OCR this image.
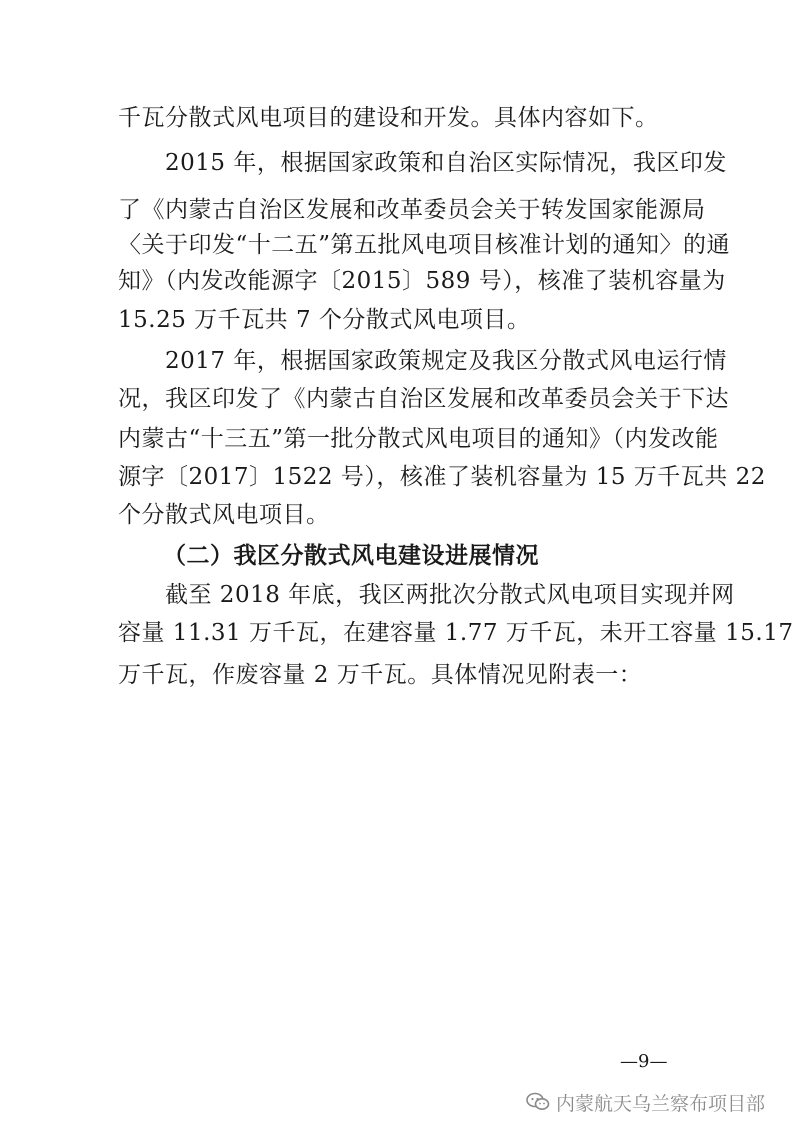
千瓦分散式风电项目的建设和开发。具体内容如下。
2015 年，根据国家政策和自治区实际情况，我区印发
了《内蒙古自治区发展和改革委员会关于转发国家能源局
〈关于印发“十二五”第五批风电项目核准计划的通知〉的通
知》（内发改能源字〔2015〕589 号），核准了装机容量为
15.25 万千瓦共 7 个分散式风电项目。
2017 年，根据国家政策规定及我区分散式风电运行情
况，我区印发了《内蒙古自治区发展和改革委员会关于下达
内蒙古“十三五”第一批分散式风电项目的通知》（内发改能
源字〔2017〕1522 号），核准了装机容量为 15 万千瓦共 22
个分散式风电项目。
（二）我区分散式风电建设进展情况
截至 2018 年底，我区两批次分散式风电项目实现并网
容量 11.31 万千瓦，在建容量 1.77 万千瓦，未开工容量 15.17
万千瓦，作废容量 2 万千瓦。具体情况见附表一：
—9—
内蒙航天乌兰察布项目部
